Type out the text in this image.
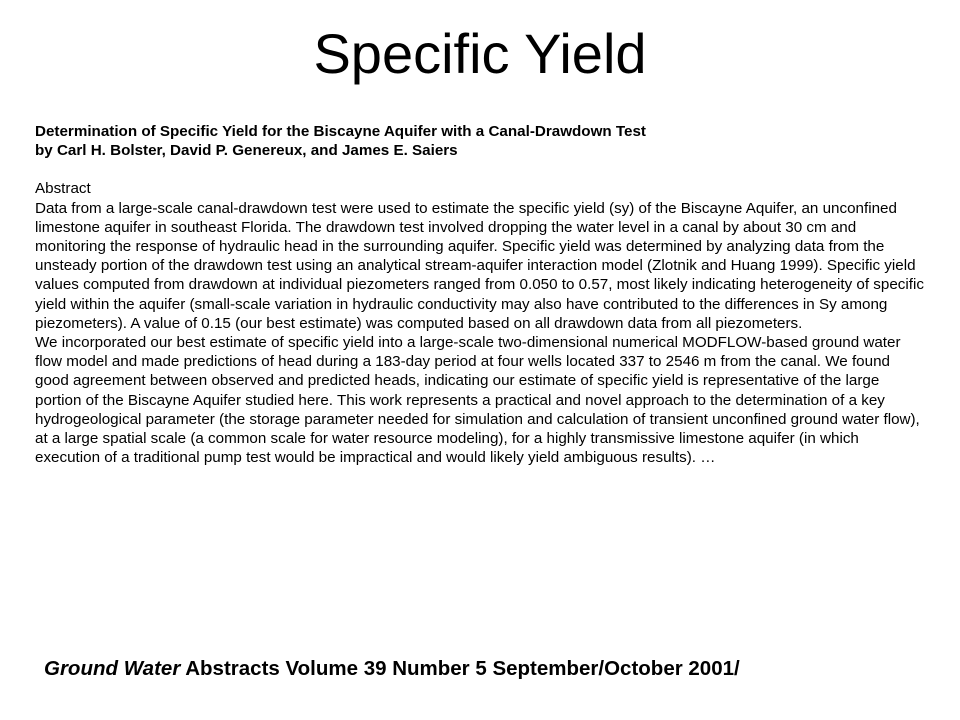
Specific Yield
Determination of Specific Yield for the Biscayne Aquifer with a Canal-Drawdown Test
by Carl H. Bolster, David P. Genereux, and James E. Saiers
Abstract

Data from a large-scale canal-drawdown test were used to estimate the specific yield (sy) of the Biscayne Aquifer, an unconfined limestone aquifer in southeast Florida. The drawdown test involved dropping the water level in a canal by about 30 cm and monitoring the response of hydraulic head in the surrounding aquifer. Specific yield was determined by analyzing data from the unsteady portion of the drawdown test using an analytical stream-aquifer interaction model (Zlotnik and Huang 1999). Specific yield values computed from drawdown at individual piezometers ranged from 0.050 to 0.57, most likely indicating heterogeneity of specific yield within the aquifer (small-scale variation in hydraulic conductivity may also have contributed to the differences in Sy among piezometers). A value of 0.15 (our best estimate) was computed based on all drawdown data from all piezometers.

We incorporated our best estimate of specific yield into a large-scale two-dimensional numerical MODFLOW-based ground water flow model and made predictions of head during a 183-day period at four wells located 337 to 2546 m from the canal. We found good agreement between observed and predicted heads, indicating our estimate of specific yield is representative of the large portion of the Biscayne Aquifer studied here. This work represents a practical and novel approach to the determination of a key hydrogeological parameter (the storage parameter needed for simulation and calculation of transient unconfined ground water flow), at a large spatial scale (a common scale for water resource modeling), for a highly transmissive limestone aquifer (in which execution of a traditional pump test would be impractical and would likely yield ambiguous results). …

Ground Water Abstracts Volume 39 Number 5 September/October 2001/
